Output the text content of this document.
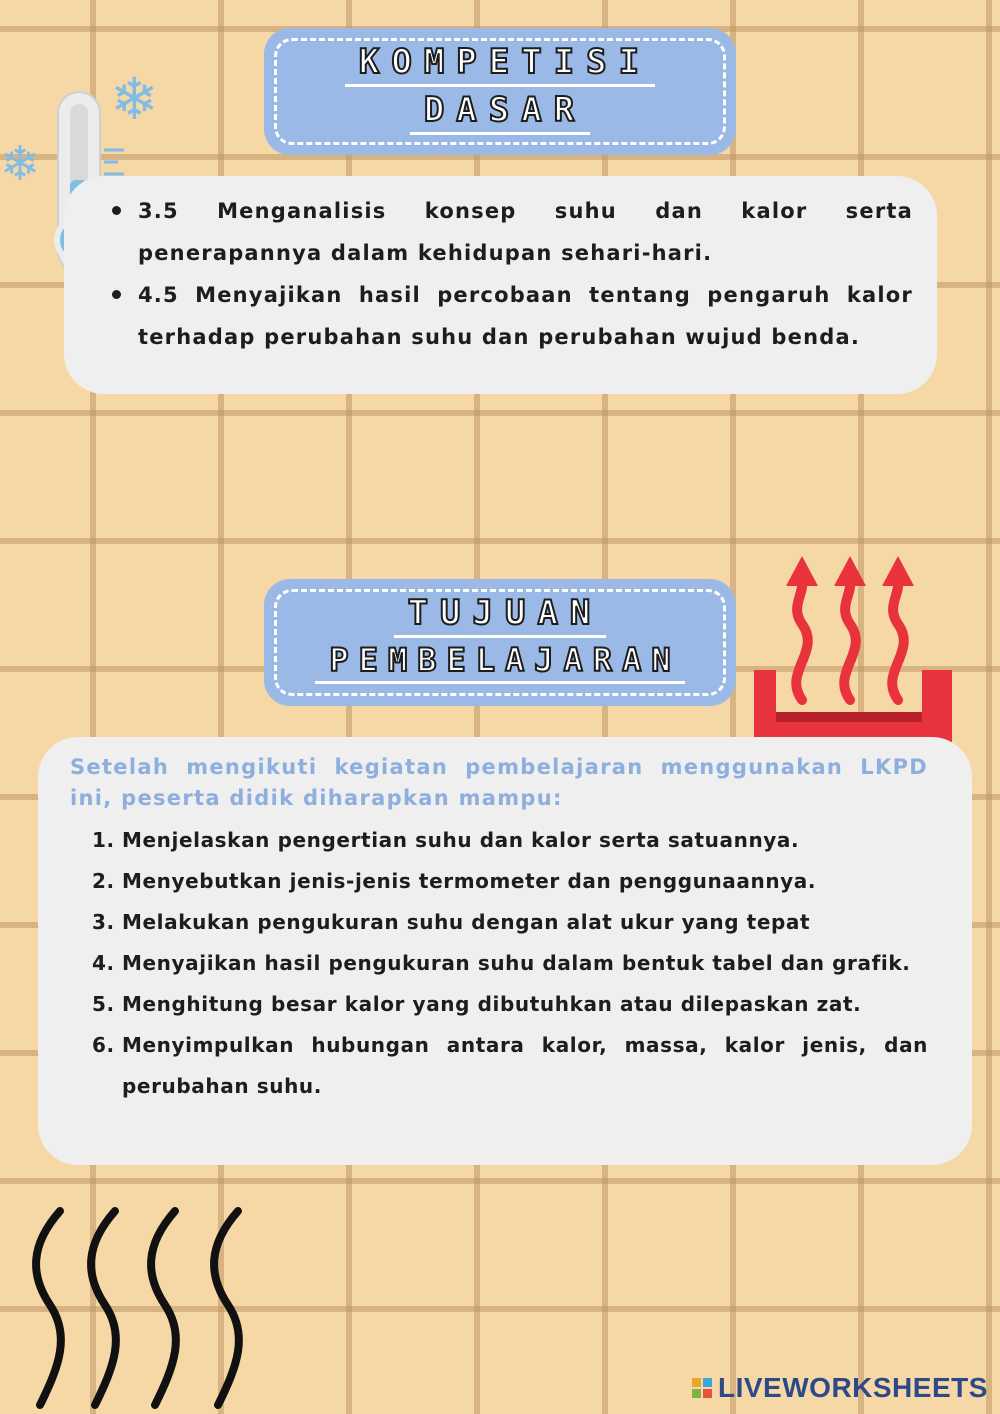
❄
❄
KOMPETISI
DASAR
3.5 Menganalisis konsep suhu dan kalor serta penerapannya dalam kehidupan sehari-hari.
4.5 Menyajikan hasil percobaan tentang pengaruh kalor terhadap perubahan suhu dan perubahan wujud benda.
TUJUAN
PEMBELAJARAN

Setelah mengikuti kegiatan pembelajaran menggunakan LKPD ini, peserta didik diharapkan mampu:

1. Menjelaskan pengertian suhu dan kalor serta satuannya.
2. Menyebutkan jenis-jenis termometer dan penggunaannya.
3. Melakukan pengukuran suhu dengan alat ukur yang tepat
4. Menyajikan hasil pengukuran suhu dalam bentuk tabel dan grafik.
5. Menghitung besar kalor yang dibutuhkan atau dilepaskan zat.
6. Menyimpulkan hubungan antara kalor, massa, kalor jenis, dan perubahan suhu.
LIVEWORKSHEETS
